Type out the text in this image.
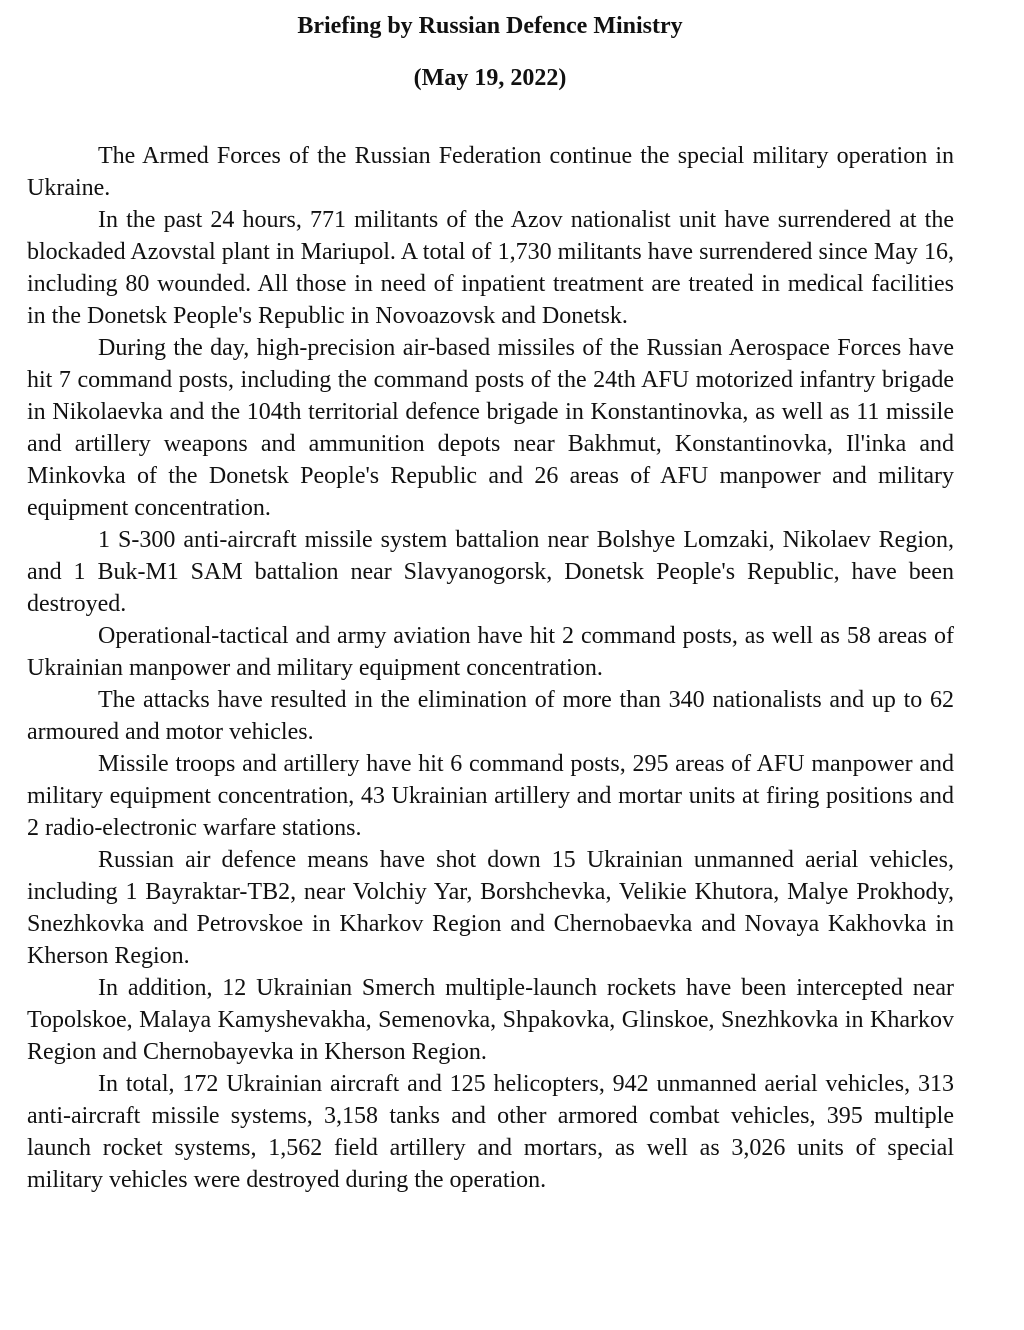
Briefing by Russian Defence Ministry
(May 19, 2022)

The Armed Forces of the Russian Federation continue the special military operation in Ukraine.

In the past 24 hours, 771 militants of the Azov nationalist unit have surrendered at the blockaded Azovstal plant in Mariupol. A total of 1,730 militants have surrendered since May 16, including 80 wounded. All those in need of inpatient treatment are treated in medical facilities in the Donetsk People's Republic in Novoazovsk and Donetsk.

During the day, high-precision air-based missiles of the Russian Aerospace Forces have hit 7 command posts, including the command posts of the 24th AFU motorized infantry brigade in Nikolaevka and the 104th territorial defence brigade in Konstantinovka, as well as 11 missile and artillery weapons and ammunition depots near Bakhmut, Konstantinovka, Il'inka and Minkovka of the Donetsk People's Republic and 26 areas of AFU manpower and military equipment concentration.

1 S-300 anti-aircraft missile system battalion near Bolshye Lomzaki, Nikolaev Region, and 1 Buk-M1 SAM battalion near Slavyanogorsk, Donetsk People's Republic, have been destroyed.

Operational-tactical and army aviation have hit 2 command posts, as well as 58 areas of Ukrainian manpower and military equipment concentration.

The attacks have resulted in the elimination of more than 340 nationalists and up to 62 armoured and motor vehicles.

Missile troops and artillery have hit 6 command posts, 295 areas of AFU manpower and military equipment concentration, 43 Ukrainian artillery and mortar units at firing positions and 2 radio-electronic warfare stations.

Russian air defence means have shot down 15 Ukrainian unmanned aerial vehicles, including 1 Bayraktar-TB2, near Volchiy Yar, Borshchevka, Velikie Khutora, Malye Prokhody, Snezhkovka and Petrovskoe in Kharkov Region and Chernobaevka and Novaya Kakhovka in Kherson Region.

In addition, 12 Ukrainian Smerch multiple-launch rockets have been intercepted near Topolskoe, Malaya Kamyshevakha, Semenovka, Shpakovka, Glinskoe, Snezhkovka in Kharkov Region and Chernobayevka in Kherson Region.

In total, 172 Ukrainian aircraft and 125 helicopters, 942 unmanned aerial vehicles, 313 anti-aircraft missile systems, 3,158 tanks and other armored combat vehicles, 395 multiple launch rocket systems, 1,562 field artillery and mortars, as well as 3,026 units of special military vehicles were destroyed during the operation.
